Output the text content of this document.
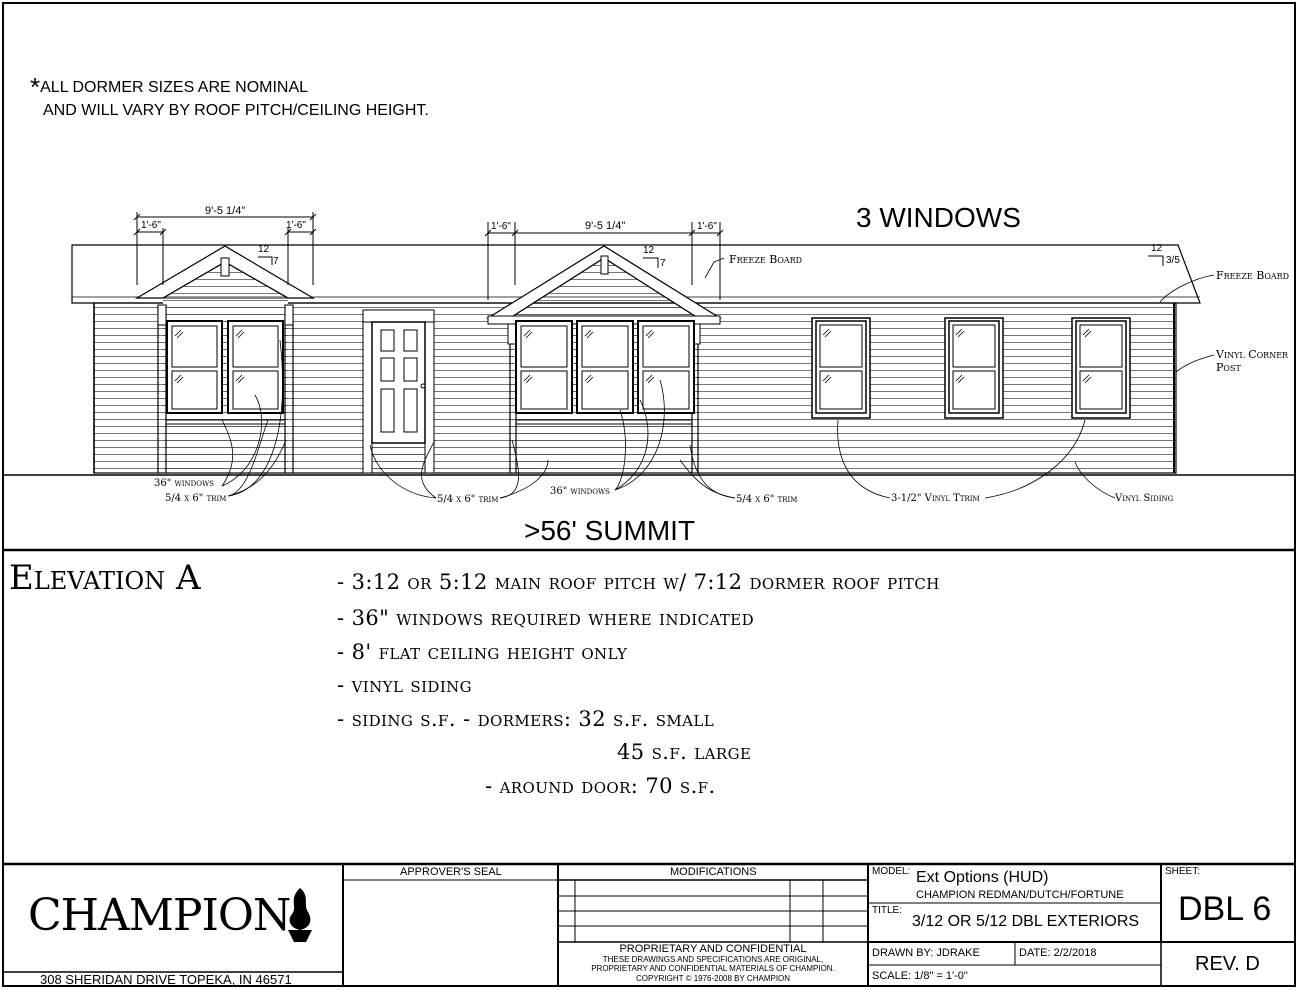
*ALL DORMER SIZES ARE NOMINAL
AND WILL VARY BY ROOF PITCH/CEILING HEIGHT.
3 WINDOWS
9'-5 1/4"
1'-6"	1'-6"	1'-6"	9'-5 1/4"	1'-6"
12
7
12
7
12
3/5
Freeze Board
Freeze Board
Vinyl Corner
Post
36" windows
5/4 x 6" trim	5/4 x 6" trim
36" windows
5/4 x 6" trim	3-1/2" Vinyl Ttrim	Vinyl Siding
>56' SUMMIT
Elevation A	- 3:12 or 5:12 main roof pitch w/ 7:12 dormer roof pitch
- 36" windows required where indicated
- 8' flat ceiling height only
- vinyl siding
- siding s.f. - dormers: 32 s.f. small
45 s.f. large
- around door: 70 s.f.
CHAMPION
308 SHERIDAN DRIVE TOPEKA, IN 46571
APPROVER'S SEAL	MODIFICATIONS
PROPRIETARY AND CONFIDENTIAL
THESE DRAWINGS AND SPECIFICATIONS ARE ORIGINAL,
PROPRIETARY AND CONFIDENTIAL MATERIALS OF CHAMPION.
COPYRIGHT © 1976-2008 BY CHAMPION
MODEL: Ext Options (HUD)
CHAMPION REDMAN/DUTCH/FORTUNE
TITLE:
3/12 OR 5/12 DBL EXTERIORS
DRAWN BY: JDRAKE	DATE: 2/2/2018
SCALE: 1/8" = 1'-0"
SHEET:
DBL 6
REV. D
